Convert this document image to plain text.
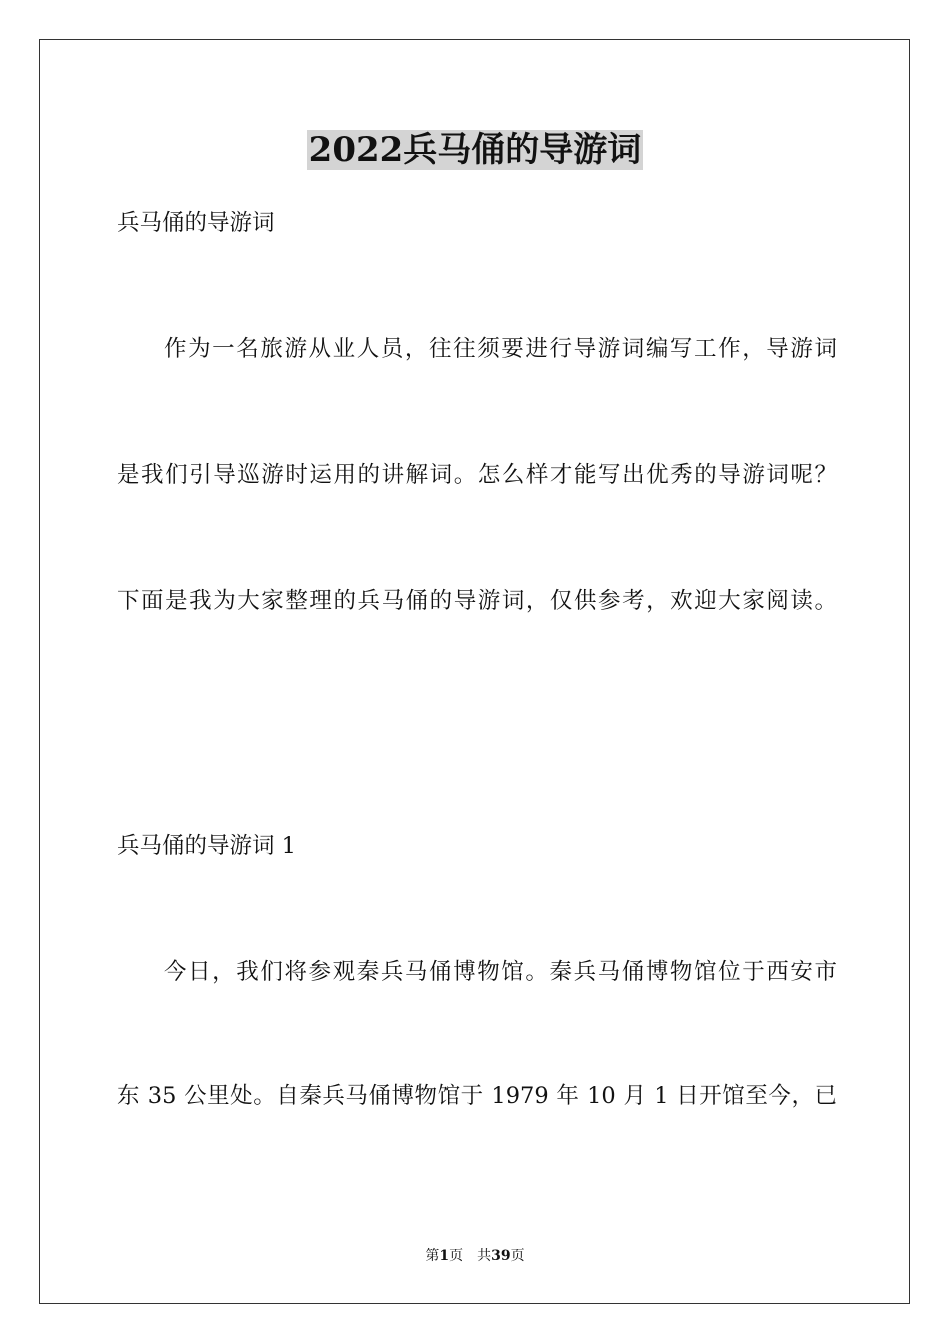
2022兵马俑的导游词
兵马俑的导游词
作为一名旅游从业人员，往往须要进行导游词编写工作，导游词
是我们引导巡游时运用的讲解词。怎么样才能写出优秀的导游词呢？
下面是我为大家整理的兵马俑的导游词，仅供参考，欢迎大家阅读。
兵马俑的导游词 1
今日，我们将参观秦兵马俑博物馆。秦兵马俑博物馆位于西安市
东 35 公里处。自秦兵马俑博物馆于 1979 年 10 月 1 日开馆至今，已
第1页 共39页
